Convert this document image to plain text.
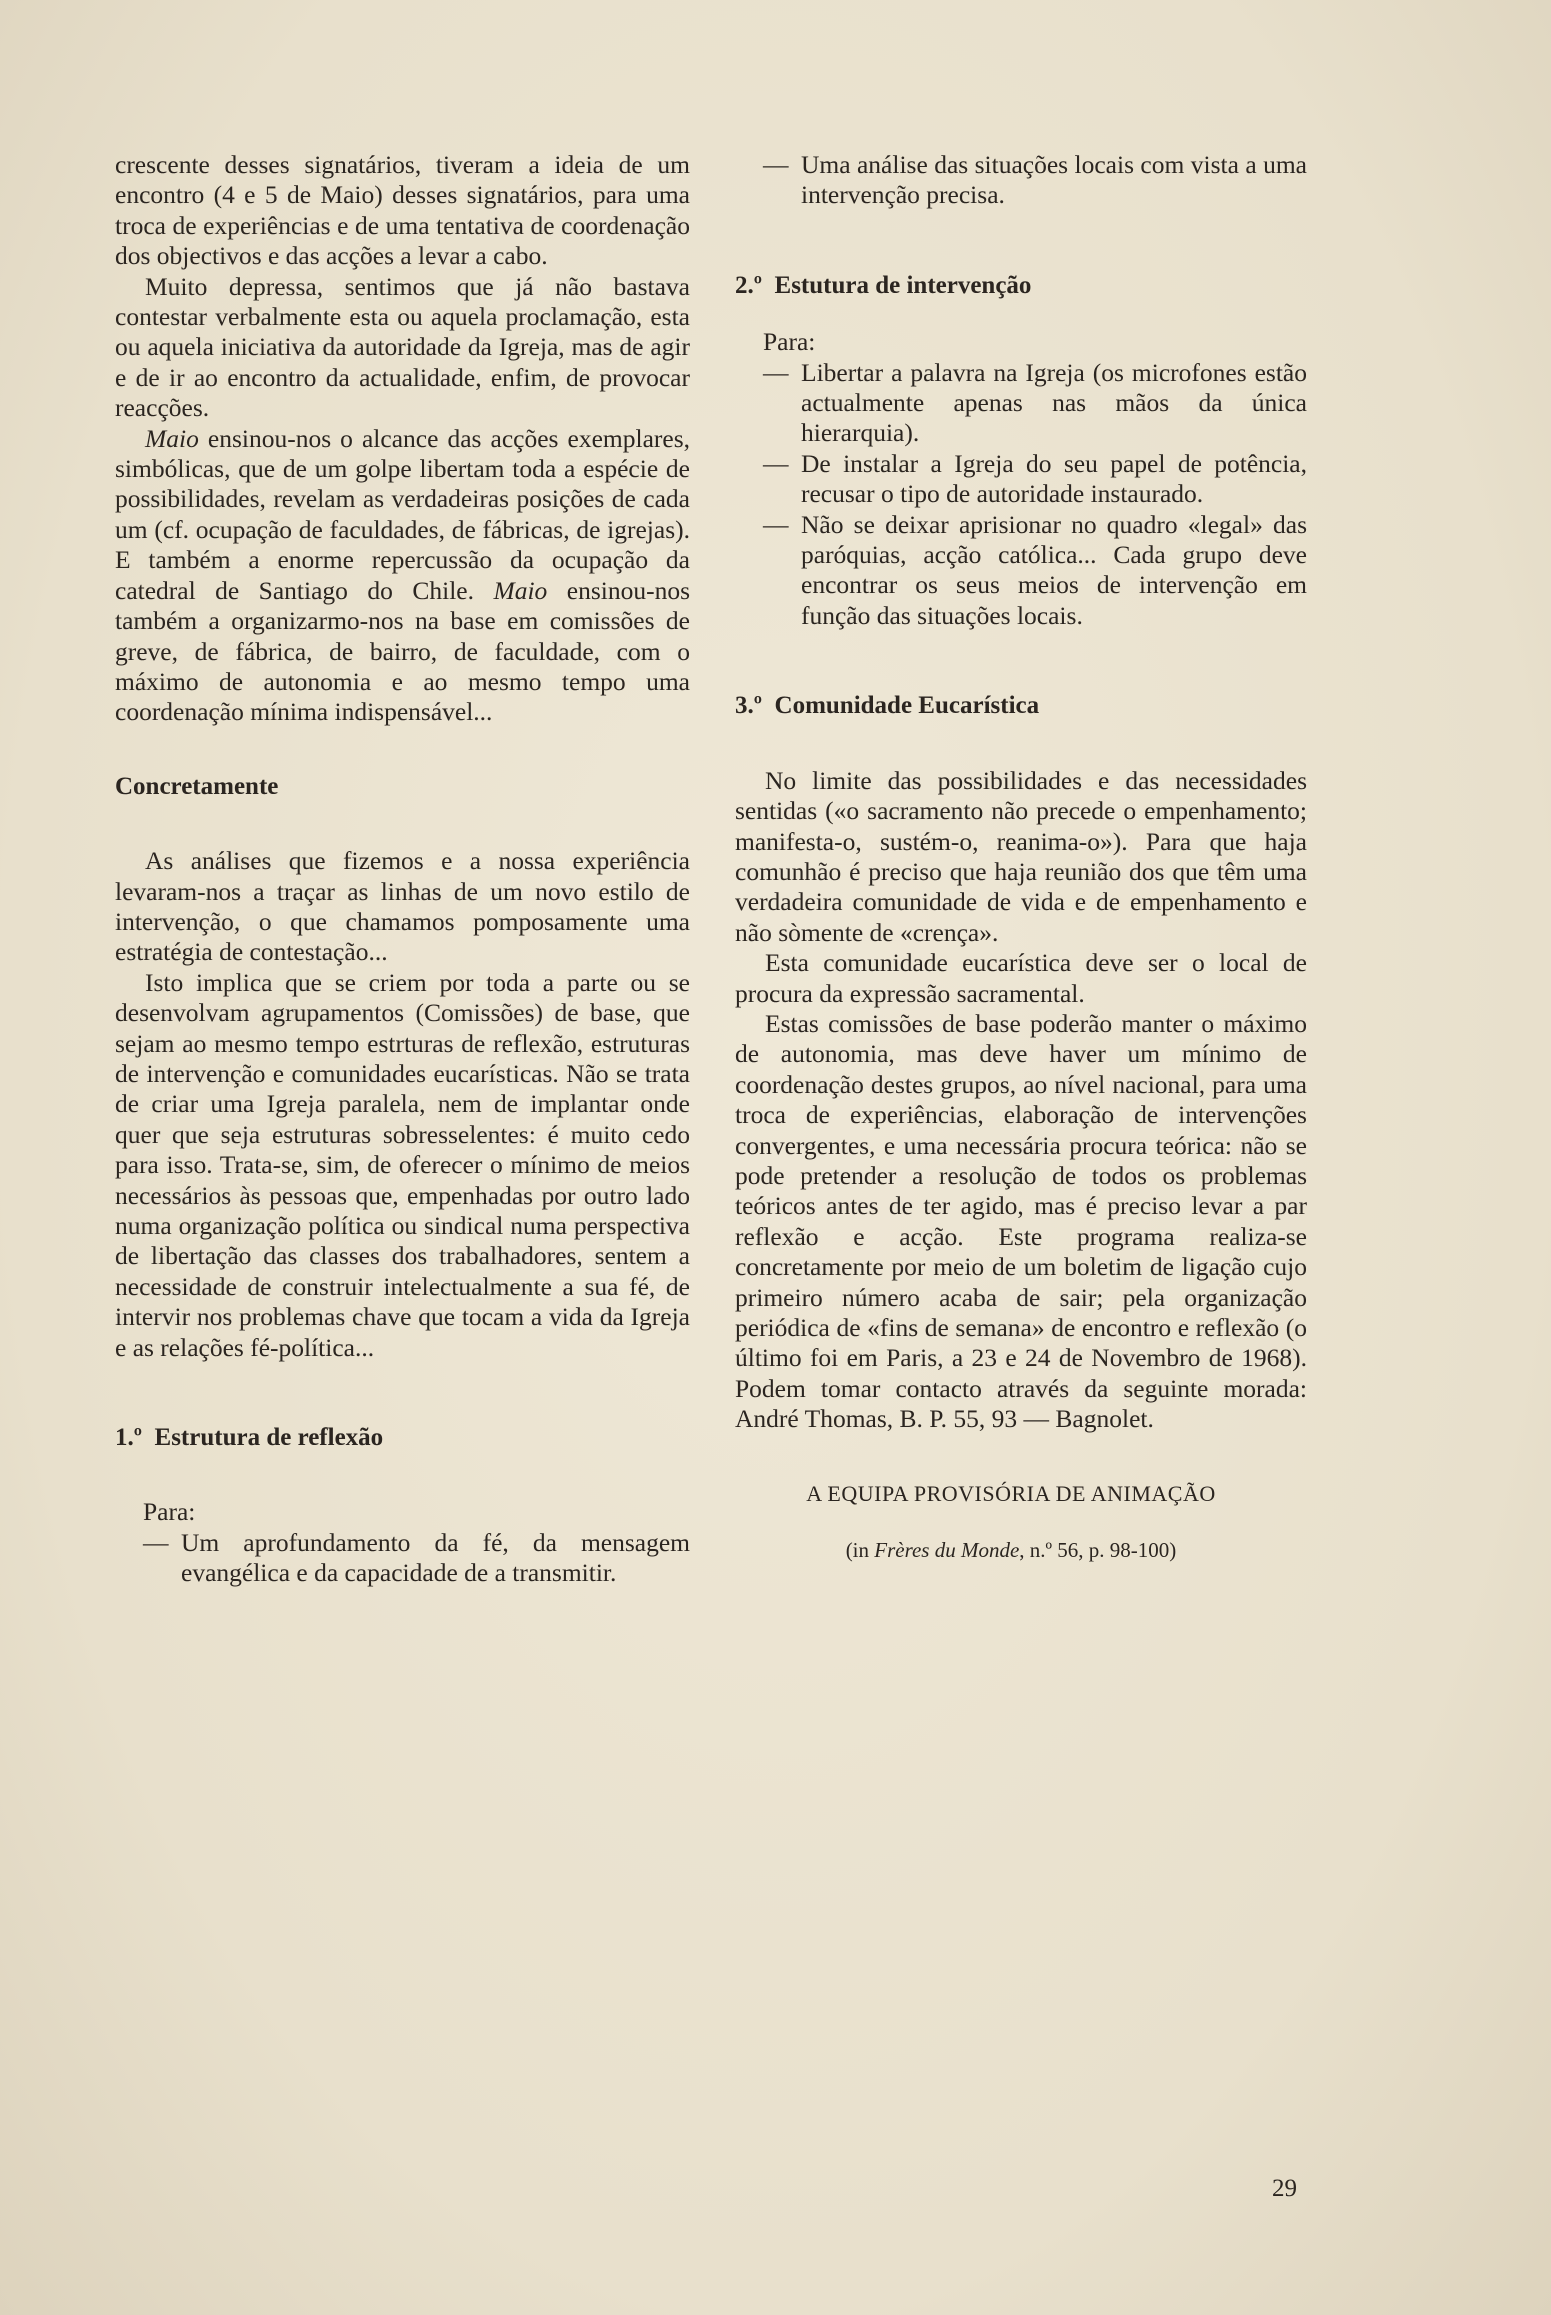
crescente desses signatários, tiveram a ideia de um encontro (4 e 5 de Maio) desses signatários, para uma troca de experiências e de uma tentativa de coordenação dos objectivos e das acções a levar a cabo.

Muito depressa, sentimos que já não bastava contestar verbalmente esta ou aquela proclamação, esta ou aquela iniciativa da autoridade da Igreja, mas de agir e de ir ao encontro da actualidade, enfim, de provocar reacções.

Maio ensinou-nos o alcance das acções exemplares, simbólicas, que de um golpe libertam toda a espécie de possibilidades, revelam as verdadeiras posições de cada um (cf. ocupação de faculdades, de fábricas, de igrejas). E também a enorme repercussão da ocupação da catedral de Santiago do Chile. Maio ensinou-nos também a organizarmo-nos na base em comissões de greve, de fábrica, de bairro, de faculdade, com o máximo de autonomia e ao mesmo tempo uma coordenação mínima indispensável...

Concretamente

As análises que fizemos e a nossa experiência levaram-nos a traçar as linhas de um novo estilo de intervenção, o que chamamos pomposamente uma estratégia de contestação...

Isto implica que se criem por toda a parte ou se desenvolvam agrupamentos (Comissões) de base, que sejam ao mesmo tempo estrturas de reflexão, estruturas de intervenção e comunidades eucarísticas. Não se trata de criar uma Igreja paralela, nem de implantar onde quer que seja estruturas sobresselentes: é muito cedo para isso. Trata-se, sim, de oferecer o mínimo de meios necessários às pessoas que, empenhadas por outro lado numa organização política ou sindical numa perspectiva de libertação das classes dos trabalhadores, sentem a necessidade de construir intelectualmente a sua fé, de intervir nos problemas chave que tocam a vida da Igreja e as relações fé-política...

1.º Estrutura de reflexão

Para:

— Um aprofundamento da fé, da mensagem evangélica e da capacidade de a transmitir.
— Uma análise das situações locais com vista a uma intervenção precisa.

2.º Estutura de intervenção

Para:

— Libertar a palavra na Igreja (os microfones estão actualmente apenas nas mãos da única hierarquia).
— De instalar a Igreja do seu papel de potência, recusar o tipo de autoridade instaurado.
— Não se deixar aprisionar no quadro «legal» das paróquias, acção católica... Cada grupo deve encontrar os seus meios de intervenção em função das situações locais.

3.º Comunidade Eucarística

No limite das possibilidades e das necessidades sentidas («o sacramento não precede o empenhamento; manifesta-o, sustém-o, reanima-o»). Para que haja comunhão é preciso que haja reunião dos que têm uma verdadeira comunidade de vida e de empenhamento e não sòmente de «crença».

Esta comunidade eucarística deve ser o local de procura da expressão sacramental.

Estas comissões de base poderão manter o máximo de autonomia, mas deve haver um mínimo de coordenação destes grupos, ao nível nacional, para uma troca de experiências, elaboração de intervenções convergentes, e uma necessária procura teórica: não se pode pretender a resolução de todos os problemas teóricos antes de ter agido, mas é preciso levar a par reflexão e acção. Este programa realiza-se concretamente por meio de um boletim de ligação cujo primeiro número acaba de sair; pela organização periódica de «fins de semana» de encontro e reflexão (o último foi em Paris, a 23 e 24 de Novembro de 1968). Podem tomar contacto através da seguinte morada: André Thomas, B. P. 55, 93 — Bagnolet.

A EQUIPA PROVISÓRIA DE ANIMAÇÃO

(in Frères du Monde, n.º 56, p. 98-100)

29
